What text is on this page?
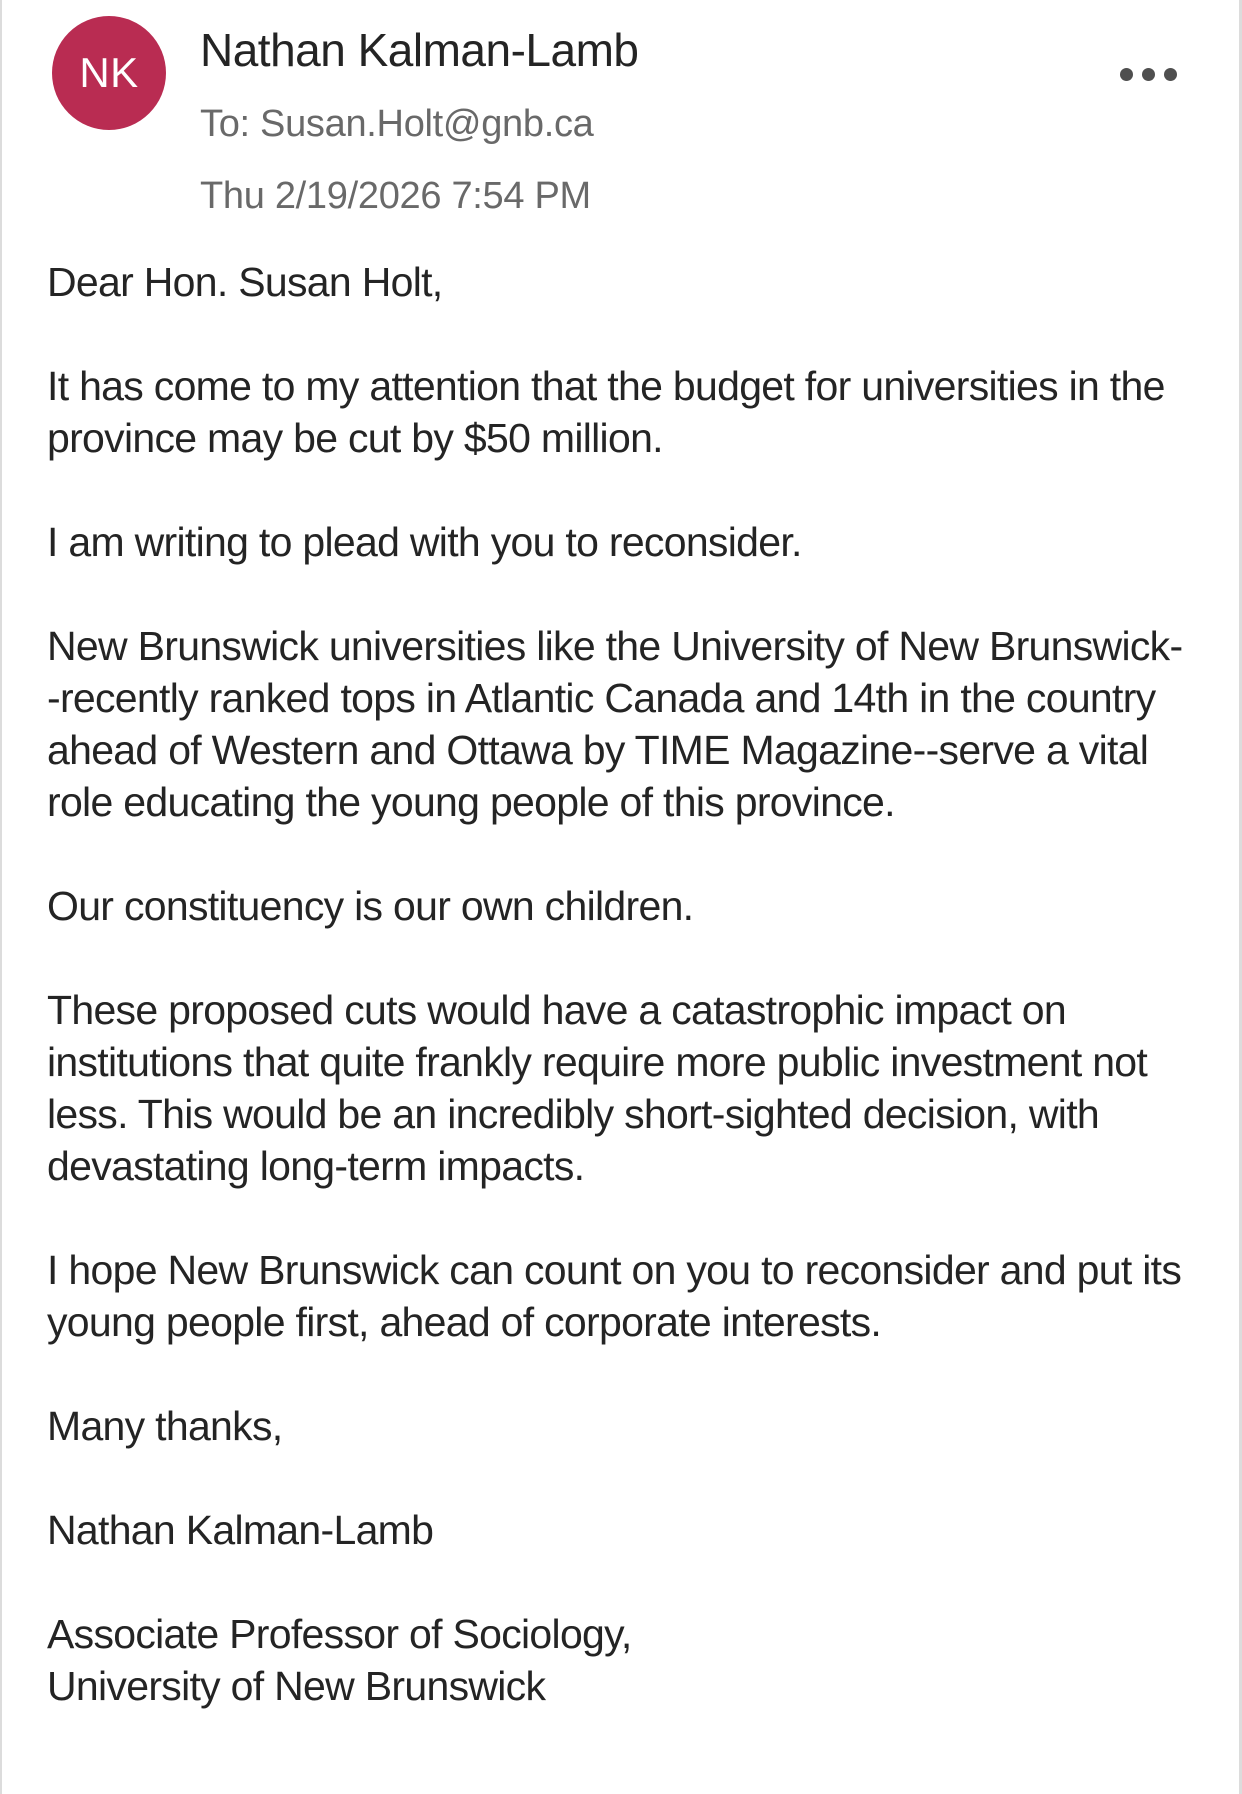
NK	Nathan Kalman-Lamb
To: Susan.Holt@gnb.ca
Thu 2/19/2026 7:54 PM

Dear Hon. Susan Holt,

It has come to my attention that the budget for universities in the province may be cut by $50 million.

I am writing to plead with you to reconsider.

New Brunswick universities like the University of New Brunswick--recently ranked tops in Atlantic Canada and 14th in the country ahead of Western and Ottawa by TIME Magazine--serve a vital role educating the young people of this province.

Our constituency is our own children.

These proposed cuts would have a catastrophic impact on institutions that quite frankly require more public investment not less. This would be an incredibly short-sighted decision, with devastating long-term impacts.

I hope New Brunswick can count on you to reconsider and put its young people first, ahead of corporate interests.

Many thanks,

Nathan Kalman-Lamb

Associate Professor of Sociology,
University of New Brunswick
